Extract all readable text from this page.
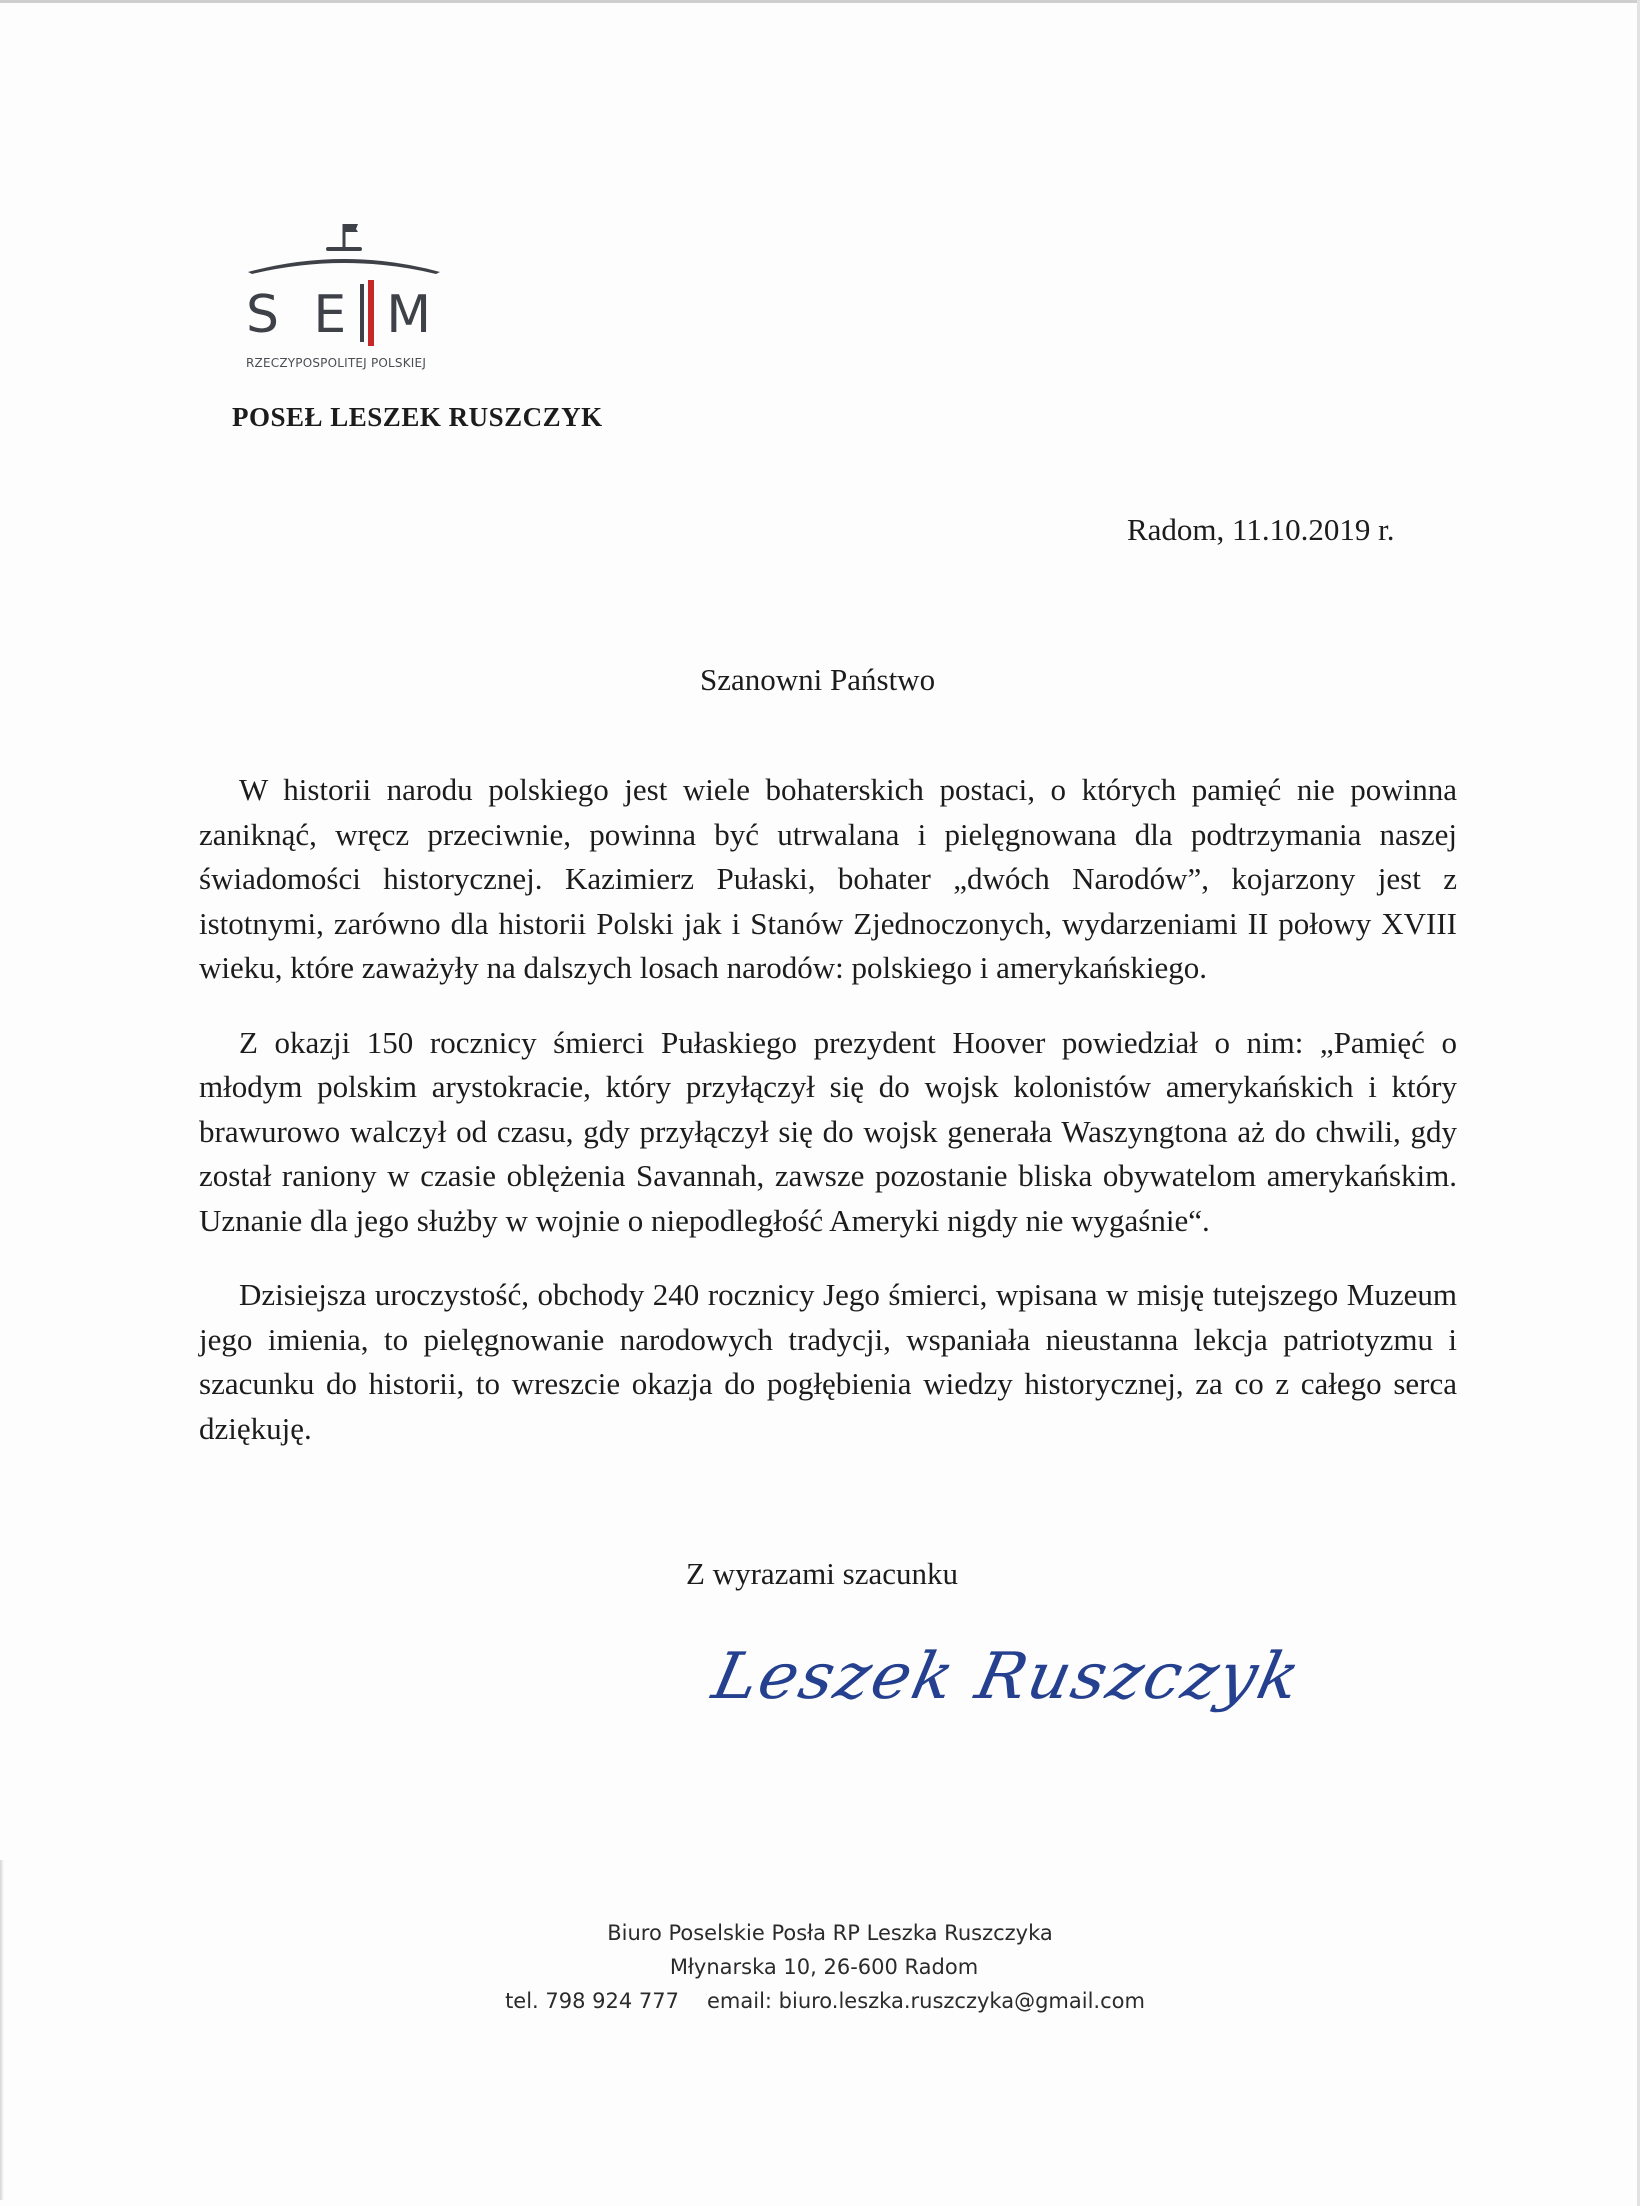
S E M
RZECZYPOSPOLITEJ POLSKIEJ
POSEŁ LESZEK RUSZCZYK
Radom, 11.10.2019 r.
Szanowni Państwo

W historii narodu polskiego jest wiele bohaterskich postaci, o których pamięć nie powinna zaniknąć, wręcz przeciwnie, powinna być utrwalana i pielęgnowana dla podtrzymania naszej świadomości historycznej. Kazimierz Pułaski, bohater „dwóch Narodów”, kojarzony jest z istotnymi, zarówno dla historii Polski jak i Stanów Zjednoczonych, wydarzeniami II połowy XVIII wieku, które zaważyły na dalszych losach narodów: polskiego i amerykańskiego.

Z okazji 150 rocznicy śmierci Pułaskiego prezydent Hoover powiedział o nim: „Pamięć o młodym polskim arystokracie, który przyłączył się do wojsk kolonistów amerykańskich i który brawurowo walczył od czasu, gdy przyłączył się do wojsk generała Waszyngtona aż do chwili, gdy został raniony w czasie oblężenia Savannah, zawsze pozostanie bliska obywatelom amerykańskim. Uznanie dla jego służby w wojnie o niepodległość Ameryki nigdy nie wygaśnie“.

Dzisiejsza uroczystość, obchody 240 rocznicy Jego śmierci, wpisana w misję tutejszego Muzeum jego imienia, to pielęgnowanie narodowych tradycji, wspaniała nieustanna lekcja patriotyzmu i szacunku do historii, to wreszcie okazja do pogłębienia wiedzy historycznej, za co z całego serca dziękuję.

Z wyrazami szacunku
Leszek Ruszczyk
Biuro Poselskie Posła RP Leszka Ruszczyka
Młynarska 10, 26-600 Radom
tel. 798 924 777 email: biuro.leszka.ruszczyka@gmail.com
